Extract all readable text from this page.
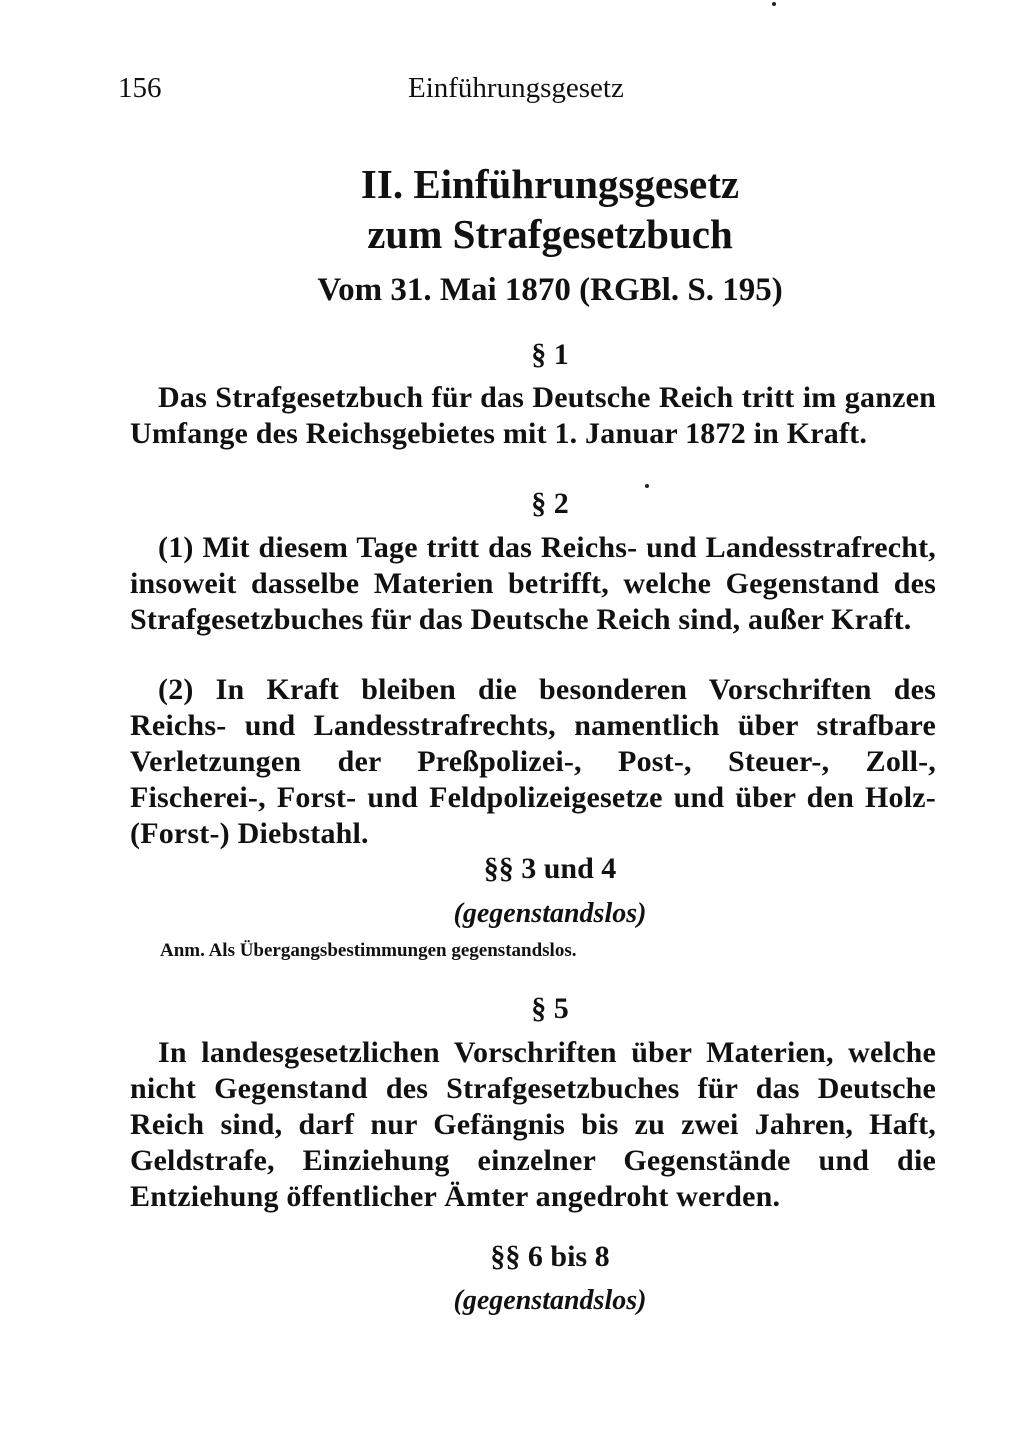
156	Einführungsgesetz
II. Einführungsgesetz
zum Strafgesetzbuch
Vom 31. Mai 1870 (RGBl. S. 195)
§ 1
Das Strafgesetzbuch für das Deutsche Reich tritt im ganzen Umfange des Reichsgebietes mit 1. Januar 1872 in Kraft.
§ 2
(1) Mit diesem Tage tritt das Reichs- und Landesstrafrecht, insoweit dasselbe Materien betrifft, welche Gegenstand des Strafgesetzbuches für das Deutsche Reich sind, außer Kraft.
(2) In Kraft bleiben die besonderen Vorschriften des Reichs- und Landesstrafrechts, namentlich über strafbare Verletzungen der Preßpolizei-, Post-, Steuer-, Zoll-, Fischerei-, Forst- und Feldpolizeigesetze und über den Holz-(Forst-) Diebstahl.
§§ 3 und 4
(gegenstandslos)
Anm. Als Übergangsbestimmungen gegenstandslos.
§ 5
In landesgesetzlichen Vorschriften über Materien, welche nicht Gegenstand des Strafgesetzbuches für das Deutsche Reich sind, darf nur Gefängnis bis zu zwei Jahren, Haft, Geldstrafe, Einziehung einzelner Gegenstände und die Entziehung öffentlicher Ämter angedroht werden.
§§ 6 bis 8
(gegenstandslos)
